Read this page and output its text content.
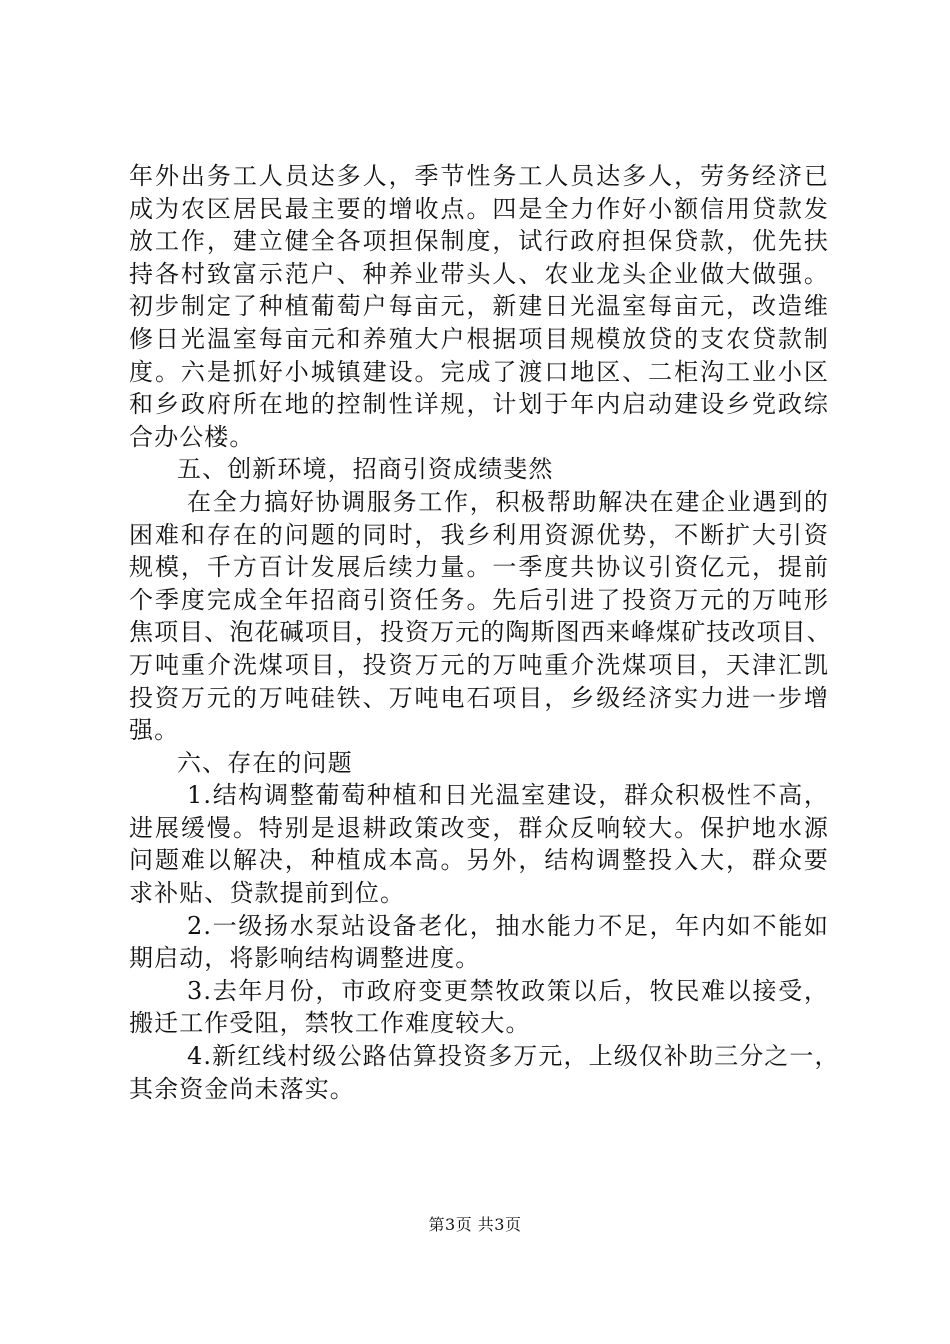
年外出务工人员达多人，季节性务工人员达多人，劳务经济已
成为农区居民最主要的增收点。四是全力作好小额信用贷款发
放工作，建立健全各项担保制度，试行政府担保贷款，优先扶
持各村致富示范户、种养业带头人、农业龙头企业做大做强。
初步制定了种植葡萄户每亩元，新建日光温室每亩元，改造维
修日光温室每亩元和养殖大户根据项目规模放贷的支农贷款制
度。六是抓好小城镇建设。完成了渡口地区、二柜沟工业小区
和乡政府所在地的控制性详规，计划于年内启动建设乡党政综
合办公楼。
五、创新环境，招商引资成绩斐然
在全力搞好协调服务工作，积极帮助解决在建企业遇到的
困难和存在的问题的同时，我乡利用资源优势，不断扩大引资
规模，千方百计发展后续力量。一季度共协议引资亿元，提前
个季度完成全年招商引资任务。先后引进了投资万元的万吨形
焦项目、泡花碱项目，投资万元的陶斯图西来峰煤矿技改项目、
万吨重介洗煤项目，投资万元的万吨重介洗煤项目，天津汇凯
投资万元的万吨硅铁、万吨电石项目，乡级经济实力进一步增
强。
六、存在的问题
1.结构调整葡萄种植和日光温室建设，群众积极性不高，
进展缓慢。特别是退耕政策改变，群众反响较大。保护地水源
问题难以解决，种植成本高。另外，结构调整投入大，群众要
求补贴、贷款提前到位。
2.一级扬水泵站设备老化，抽水能力不足，年内如不能如
期启动，将影响结构调整进度。
3.去年月份，市政府变更禁牧政策以后，牧民难以接受，
搬迁工作受阻，禁牧工作难度较大。
4.新红线村级公路估算投资多万元，上级仅补助三分之一，
其余资金尚未落实。
第3页 共3页
